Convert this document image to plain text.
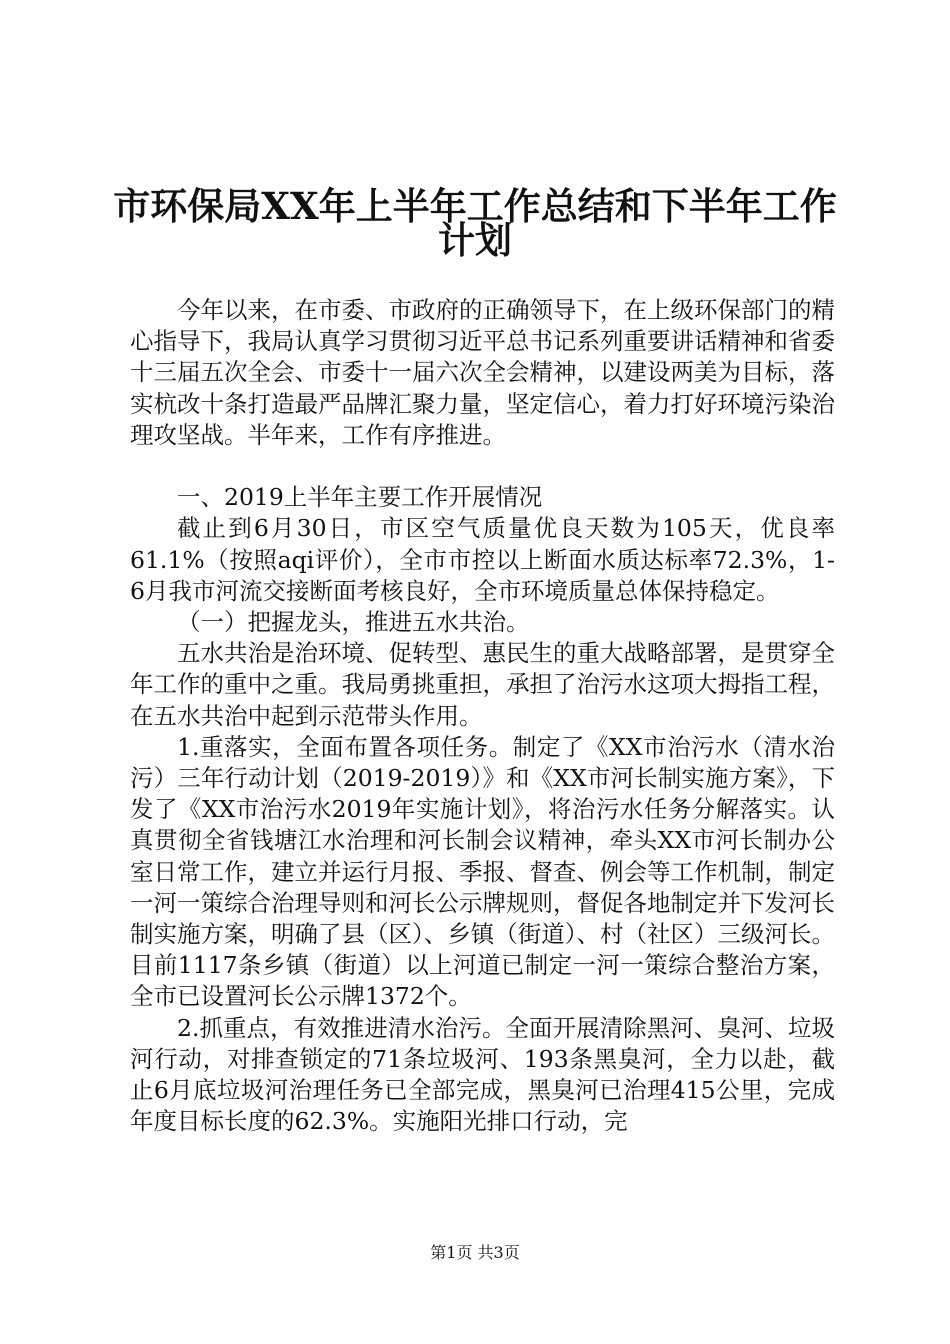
市环保局XX年上半年工作总结和下半年工作
计划

今年以来，在市委、市政府的正确领导下，在上级环保部门的精心指导下，我局认真学习贯彻习近平总书记系列重要讲话精神和省委十三届五次全会、市委十一届六次全会精神，以建设两美为目标，落实杭改十条打造最严品牌汇聚力量，坚定信心，着力打好环境污染治理攻坚战。半年来，工作有序推进。

一、2019上半年主要工作开展情况

截止到6月30日，市区空气质量优良天数为105天，优良率61.1%（按照aqi评价），全市市控以上断面水质达标率72.3%，1-6月我市河流交接断面考核良好，全市环境质量总体保持稳定。

（一）把握龙头，推进五水共治。

五水共治是治环境、促转型、惠民生的重大战略部署，是贯穿全年工作的重中之重。我局勇挑重担，承担了治污水这项大拇指工程，在五水共治中起到示范带头作用。

1.重落实，全面布置各项任务。制定了《XX市治污水（清水治污）三年行动计划（2019-2019）》和《XX市河长制实施方案》，下发了《XX市治污水2019年实施计划》，将治污水任务分解落实。认真贯彻全省钱塘江水治理和河长制会议精神，牵头XX市河长制办公室日常工作，建立并运行月报、季报、督查、例会等工作机制，制定一河一策综合治理导则和河长公示牌规则，督促各地制定并下发河长制实施方案，明确了县（区）、乡镇（街道）、村（社区）三级河长。目前1117条乡镇（街道）以上河道已制定一河一策综合整治方案，全市已设置河长公示牌1372个。

2.抓重点，有效推进清水治污。全面开展清除黑河、臭河、垃圾河行动，对排查锁定的71条垃圾河、193条黑臭河，全力以赴，截止6月底垃圾河治理任务已全部完成，黑臭河已治理415公里，完成年度目标长度的62.3%。实施阳光排口行动，完

第1页 共3页
